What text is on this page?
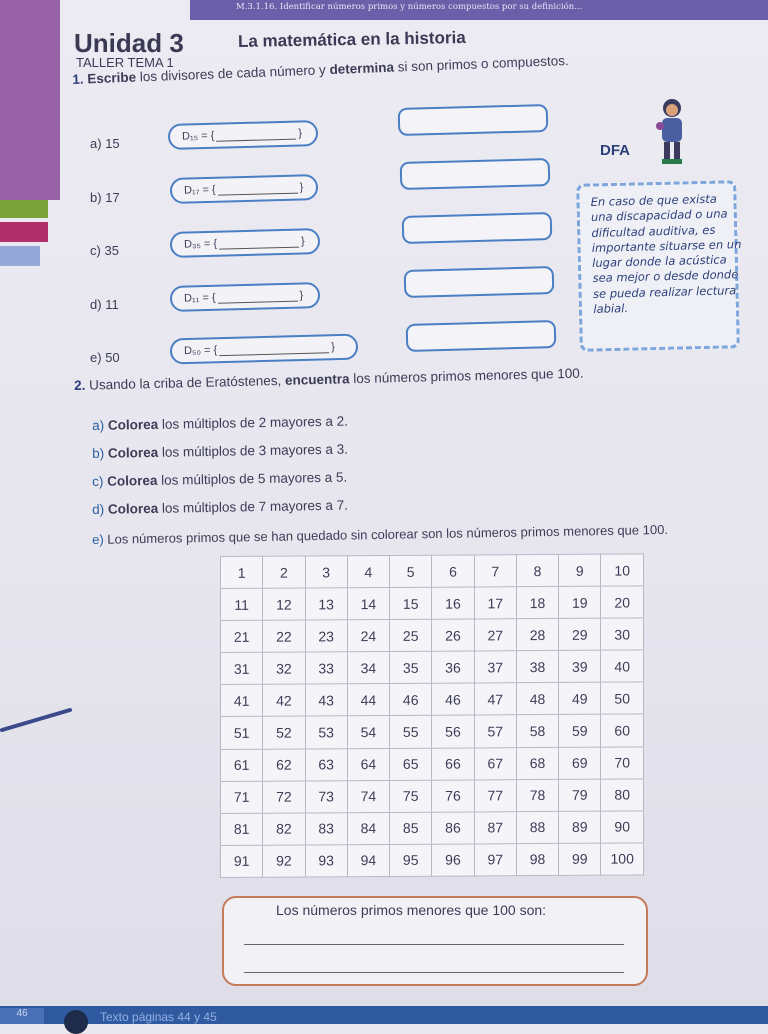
M.3.1.16. Identificar números primos y números compuestos por su definición...
Unidad 3
TALLER TEMA 1
La matemática en la historia
1. Escribe los divisores de cada número y determina si son primos o compuestos.
a) 15	D₁₅ = {	}
b) 17	D₁₇ = {	}
c) 35	D₃₅ = {	}
d) 11	D₁₁ = {	}
e) 50	D₅₀ = {	}
DFA
En caso de que exista una discapacidad o una dificultad auditiva, es importante situarse en un lugar donde la acústica sea mejor o desde donde se pueda realizar lectura labial.
2. Usando la criba de Eratóstenes, encuentra los números primos menores que 100.
a) Colorea los múltiplos de 2 mayores a 2.
b) Colorea los múltiplos de 3 mayores a 3.
c) Colorea los múltiplos de 5 mayores a 5.
d) Colorea los múltiplos de 7 mayores a 7.
e) Los números primos que se han quedado sin colorear son los números primos menores que 100.
1	2	3	4	5	6	7	8	9	10
11	12	13	14	15	16	17	18	19	20
21	22	23	24	25	26	27	28	29	30
31	32	33	34	35	36	37	38	39	40
41	42	43	44	46	46	47	48	49	50
51	52	53	54	55	56	57	58	59	60
61	62	63	64	65	66	67	68	69	70
71	72	73	74	75	76	77	78	79	80
81	82	83	84	85	86	87	88	89	90
91	92	93	94	95	96	97	98	99	100
Los números primos menores que 100 son:
46	Texto páginas 44 y 45
